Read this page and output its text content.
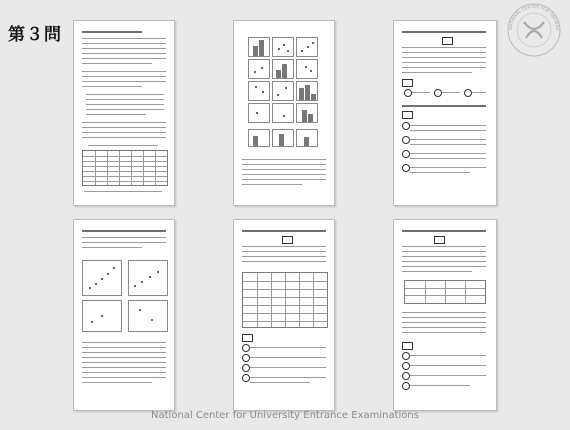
第３問	NATIONAL CENTER FOR UNIVERS
National Center for University Entrance Examinations
